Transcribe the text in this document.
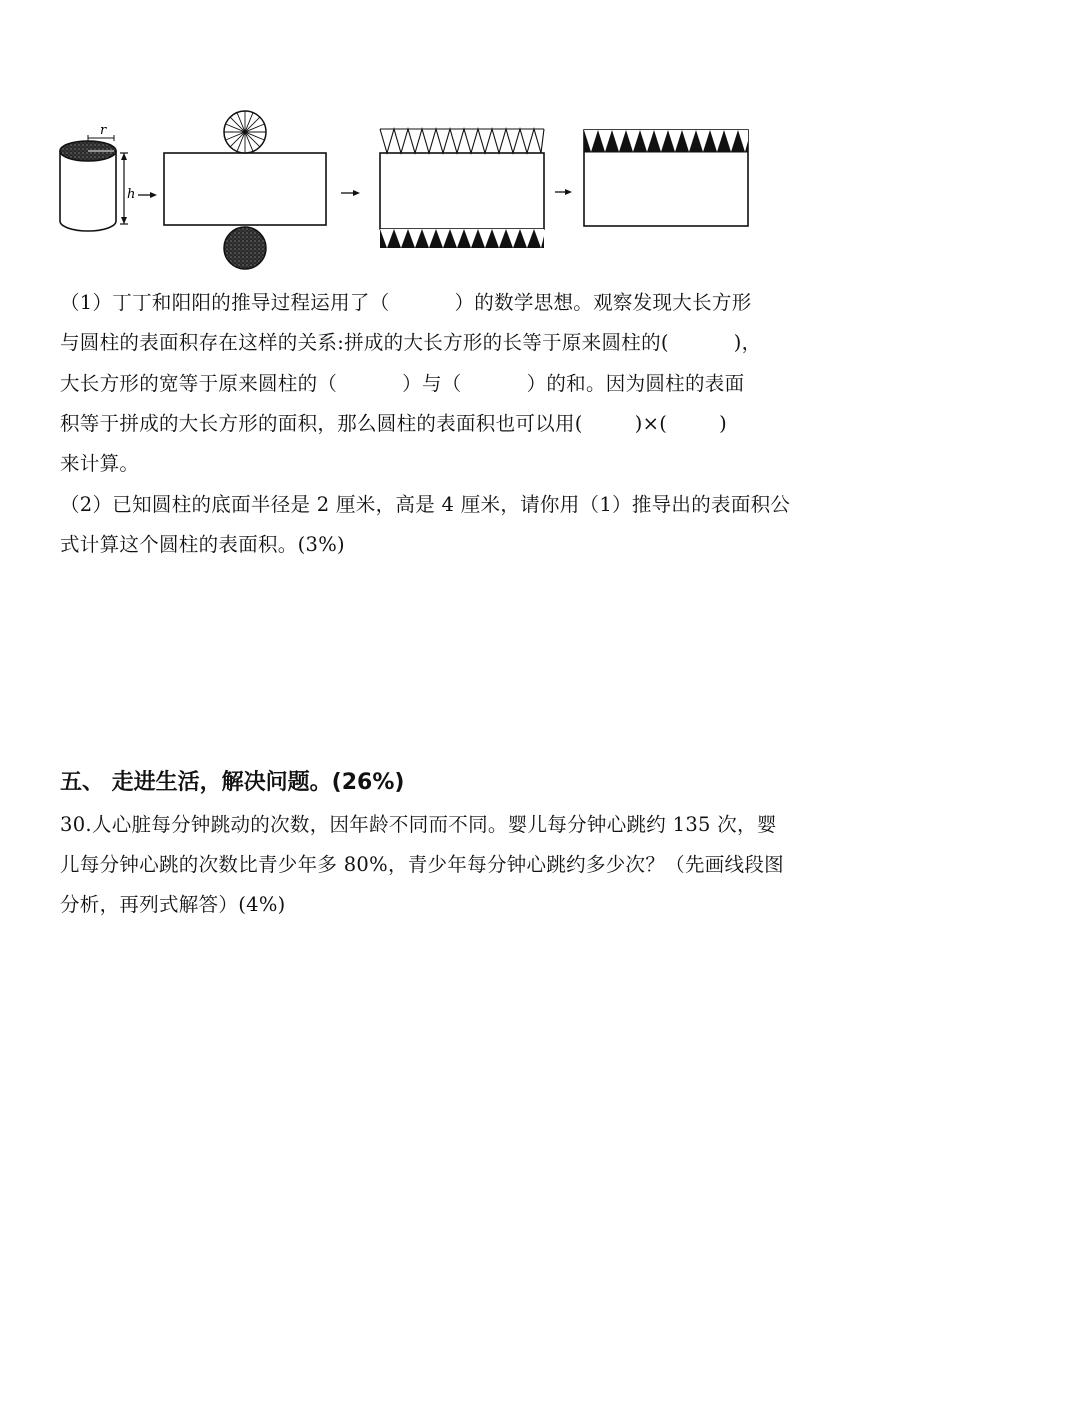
r
h
（1）丁丁和阳阳的推导过程运用了（          ）的数学思想。观察发现大长方形
与圆柱的表面积存在这样的关系:拼成的大长方形的长等于原来圆柱的(          )，
大长方形的宽等于原来圆柱的（          ）与（          ）的和。因为圆柱的表面
积等于拼成的大长方形的面积，那么圆柱的表面积也可以用(        )×(        )
来计算。
（2）已知圆柱的底面半径是 2 厘米，高是 4 厘米，请你用（1）推导出的表面积公
式计算这个圆柱的表面积。(3%)
五、 走进生活，解决问题。(26%)
30.人心脏每分钟跳动的次数，因年龄不同而不同。婴儿每分钟心跳约 135 次，婴
儿每分钟心跳的次数比青少年多 80%，青少年每分钟心跳约多少次？（先画线段图
分析，再列式解答）(4%)
